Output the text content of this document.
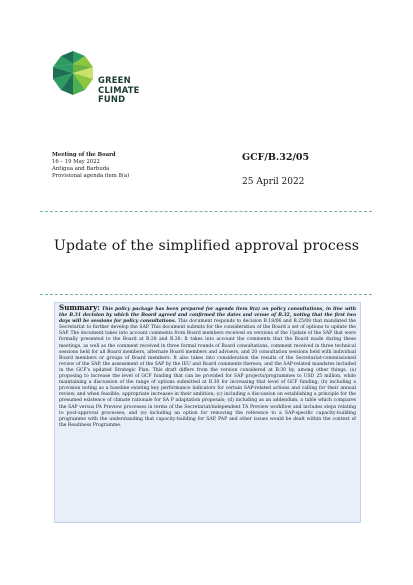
GREEN
CLIMATE
FUND
Meeting of the Board
16 – 19 May 2022
Antigua and Barbuda
Provisional agenda item 8(a)
GCF/B.32/05
25 April 2022
Update of the simplified approval process

Summary: This policy package has been prepared for agenda item 8(a) on policy consultations, in line with the B.31 decision by which the Board agreed and confirmed the dates and venue of B.32, noting that the first two days will be sessions for policy consultations. This document responds to decision B.18/06 and B.25/08 that mandated the Secretariat to further develop the SAP. This document submits for the consideration of the Board a set of options to update the SAP. The document takes into account comments from Board members received on versions of the Update of the SAP that were formally presented to the Board at B.28 and B.30. It takes into account the comments that the Board made during these meetings, as well as the comment received in three formal rounds of Board consultations, comment received in three technical sessions held for all Board members, alternate Board members and advisers, and 20 consultation sessions held with individual Board members or groups of Board members. It also takes into consideration the results of the Secretariat-commissioned review of the SAP, the assessment of the SAP by the IEU and Board comments thereon, and the SAP-related mandates included in the GCF's updated Strategic Plan. This draft differs from the version considered at B.30 by, among other things, (a) proposing to increase the level of GCF funding that can be provided for SAP projects/programmes to USD 25 million, while maintaining a discussion of the range of options submitted at B.30 for increasing that level of GCF funding; (b) including a provision noting as a baseline existing key performance indicators for certain SAP-related actions and calling for their annual review, and when feasible, appropriate increases in their ambition; (c) including a discussion on establishing a principle for the presumed existence of climate rationale for SA P adaptation proposals; (d) including as an addendum, a table which compares the SAP versus PA Preview processes in terms of the Secretariat/independent TA Preview workflow and includes steps relating to post-approval processes; and (e) including an option for removing the reference to a SAP-specific capacity-building programme with the understanding that capacity-building for SAP, PAP and other issues would be dealt within the context of the Readiness Programme.
